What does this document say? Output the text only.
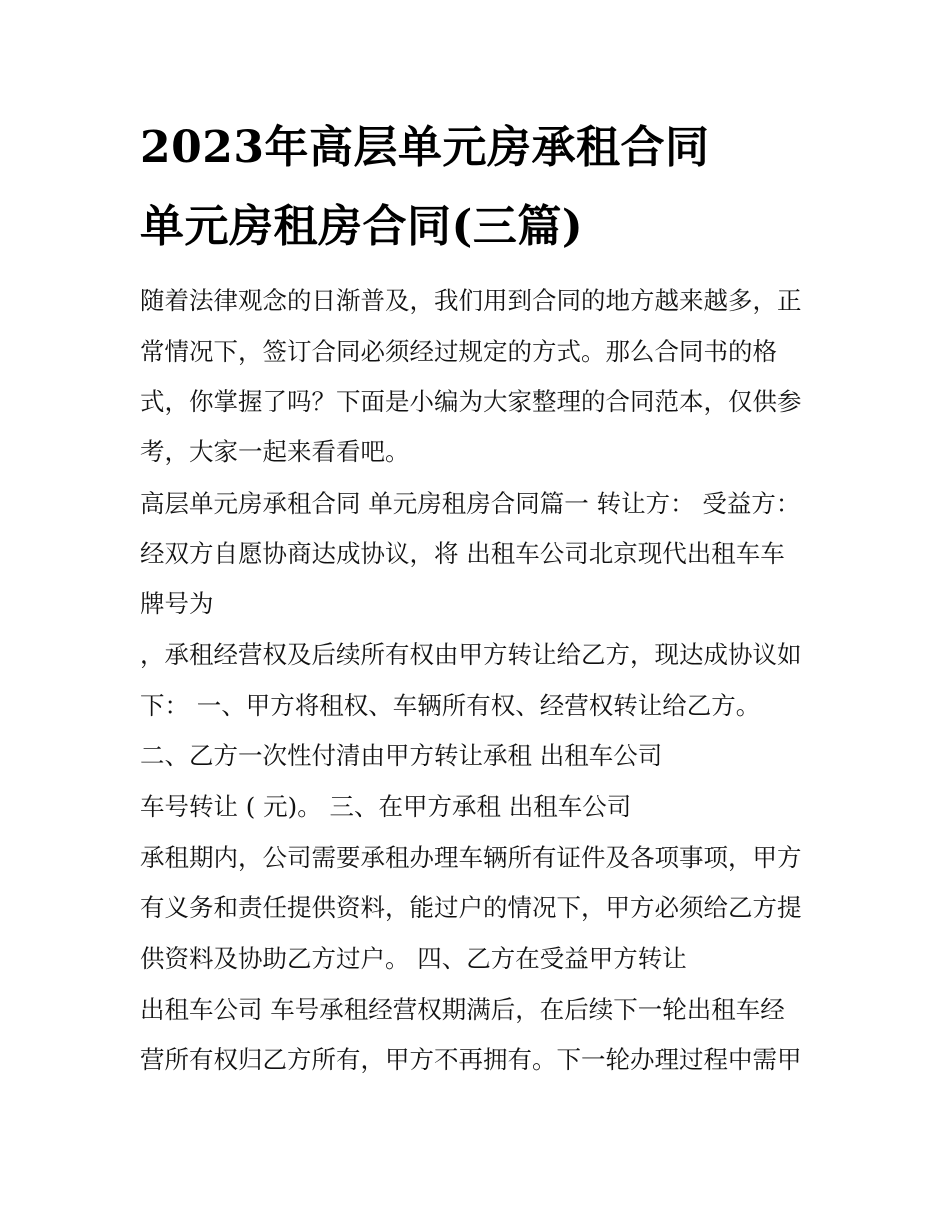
2023年高层单元房承租合同
单元房租房合同(三篇)

随着法律观念的日渐普及，我们用到合同的地方越来越多，正

常情况下，签订合同必须经过规定的方式。那么合同书的格

式，你掌握了吗？下面是小编为大家整理的合同范本，仅供参

考，大家一起来看看吧。

高层单元房承租合同 单元房租房合同篇一 转让方： 受益方：

经双方自愿协商达成协议，将 出租车公司北京现代出租车车

牌号为

，承租经营权及后续所有权由甲方转让给乙方，现达成协议如

下： 一、甲方将租权、车辆所有权、经营权转让给乙方。

二、乙方一次性付清由甲方转让承租 出租车公司

车号转让 ( 元)。 三、在甲方承租 出租车公司

承租期内，公司需要承租办理车辆所有证件及各项事项，甲方

有义务和责任提供资料，能过户的情况下，甲方必须给乙方提

供资料及协助乙方过户。 四、乙方在受益甲方转让

出租车公司 车号承租经营权期满后，在后续下一轮出租车经

营所有权归乙方所有，甲方不再拥有。下一轮办理过程中需甲
